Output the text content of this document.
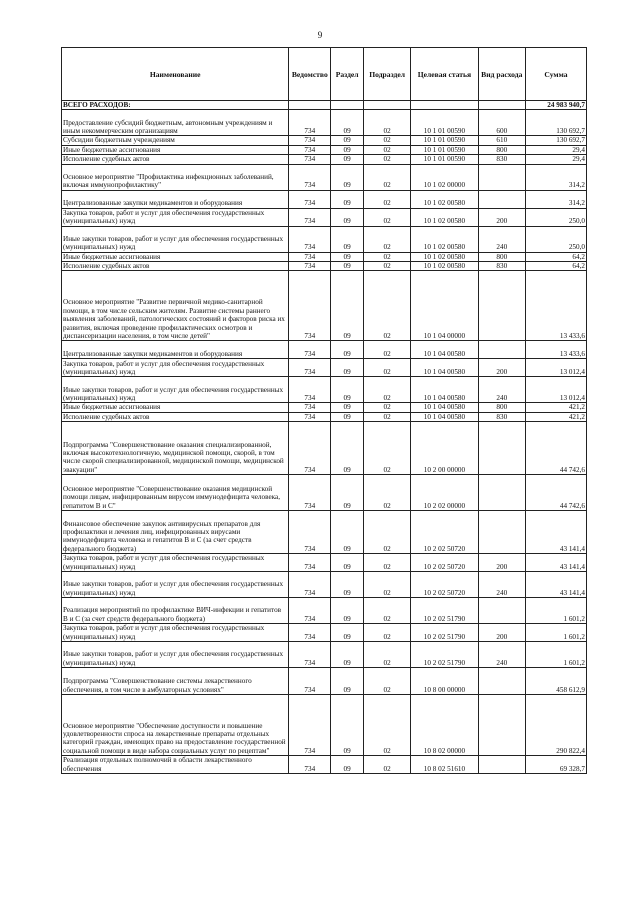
9
Наименование	Ведомство	Раздел	Подраздел	Целевая статья	Вид расхода	Сумма
ВСЕГО РАСХОДОВ:						24 983 940,7
Предоставление субсидий бюджетным, автономным учреждениям и иным некоммерческим организациям	734	09	02	10 1 01 00590	600	130 692,7
Субсидии бюджетным учреждениям	734	09	02	10 1 01 00590	610	130 692,7
Иные бюджетные ассигнования	734	09	02	10 1 01 00590	800	29,4
Исполнение судебных актов	734	09	02	10 1 01 00590	830	29,4
Основное мероприятие "Профилактика инфекционных заболеваний, включая иммунопрофилактику"	734	09	02	10 1 02 00000		314,2
Централизованные закупки медикаментов и оборудования	734	09	02	10 1 02 00580		314,2
Закупка товаров, работ и услуг для обеспечения государственных (муниципальных) нужд	734	09	02	10 1 02 00580	200	250,0
Иные закупки товаров, работ и услуг для обеспечения государственных (муниципальных) нужд	734	09	02	10 1 02 00580	240	250,0
Иные бюджетные ассигнования	734	09	02	10 1 02 00580	800	64,2
Исполнение судебных актов	734	09	02	10 1 02 00580	830	64,2
Основное мероприятие "Развитие первичной медико-санитарной помощи, в том числе сельским жителям. Развитие системы раннего выявления заболеваний, патологических состояний и факторов риска их развития, включая проведение профилактических осмотров и диспансеризации населения, в том числе детей"	734	09	02	10 1 04 00000		13 433,6
Централизованные закупки медикаментов и оборудования	734	09	02	10 1 04 00580		13 433,6
Закупка товаров, работ и услуг для обеспечения государственных (муниципальных) нужд	734	09	02	10 1 04 00580	200	13 012,4
Иные закупки товаров, работ и услуг для обеспечения государственных (муниципальных) нужд	734	09	02	10 1 04 00580	240	13 012,4
Иные бюджетные ассигнования	734	09	02	10 1 04 00580	800	421,2
Исполнение судебных актов	734	09	02	10 1 04 00580	830	421,2
Подпрограмма "Совершенствование оказания специализированной, включая высокотехнологичную, медицинской помощи, скорой, в том числе скорой специализированной, медицинской помощи, медицинской эвакуации"	734	09	02	10 2 00 00000		44 742,6
Основное мероприятие "Совершенствование оказания медицинской помощи лицам, инфицированным вирусом иммунодефицита человека, гепатитом В и С"	734	09	02	10 2 02 00000		44 742,6
Финансовое обеспечение закупок антивирусных препаратов для профилактики и лечения лиц, инфицированных вирусами иммунодефицита человека и гепатитов В и С (за счет средств федерального бюджета)	734	09	02	10 2 02 50720		43 141,4
Закупка товаров, работ и услуг для обеспечения государственных (муниципальных) нужд	734	09	02	10 2 02 50720	200	43 141,4
Иные закупки товаров, работ и услуг для обеспечения государственных (муниципальных) нужд	734	09	02	10 2 02 50720	240	43 141,4
Реализация мероприятий по профилактике ВИЧ-инфекции и гепатитов В и С (за счет средств федерального бюджета)	734	09	02	10 2 02 51790		1 601,2
Закупка товаров, работ и услуг для обеспечения государственных (муниципальных) нужд	734	09	02	10 2 02 51790	200	1 601,2
Иные закупки товаров, работ и услуг для обеспечения государственных (муниципальных) нужд	734	09	02	10 2 02 51790	240	1 601,2
Подпрограмма "Совершенствование системы лекарственного обеспечения, в том числе в амбулаторных условиях"	734	09	02	10 8 00 00000		458 612,9
Основное мероприятие "Обеспечение доступности и повышение удовлетворенности спроса на лекарственные препараты отдельных категорий граждан, имеющих право на предоставление государственной социальной помощи в виде набора социальных услуг по рецептам"	734	09	02	10 8 02 00000		290 822,4
Реализация отдельных полномочий в области лекарственного обеспечения	734	09	02	10 8 02 51610		69 328,7
